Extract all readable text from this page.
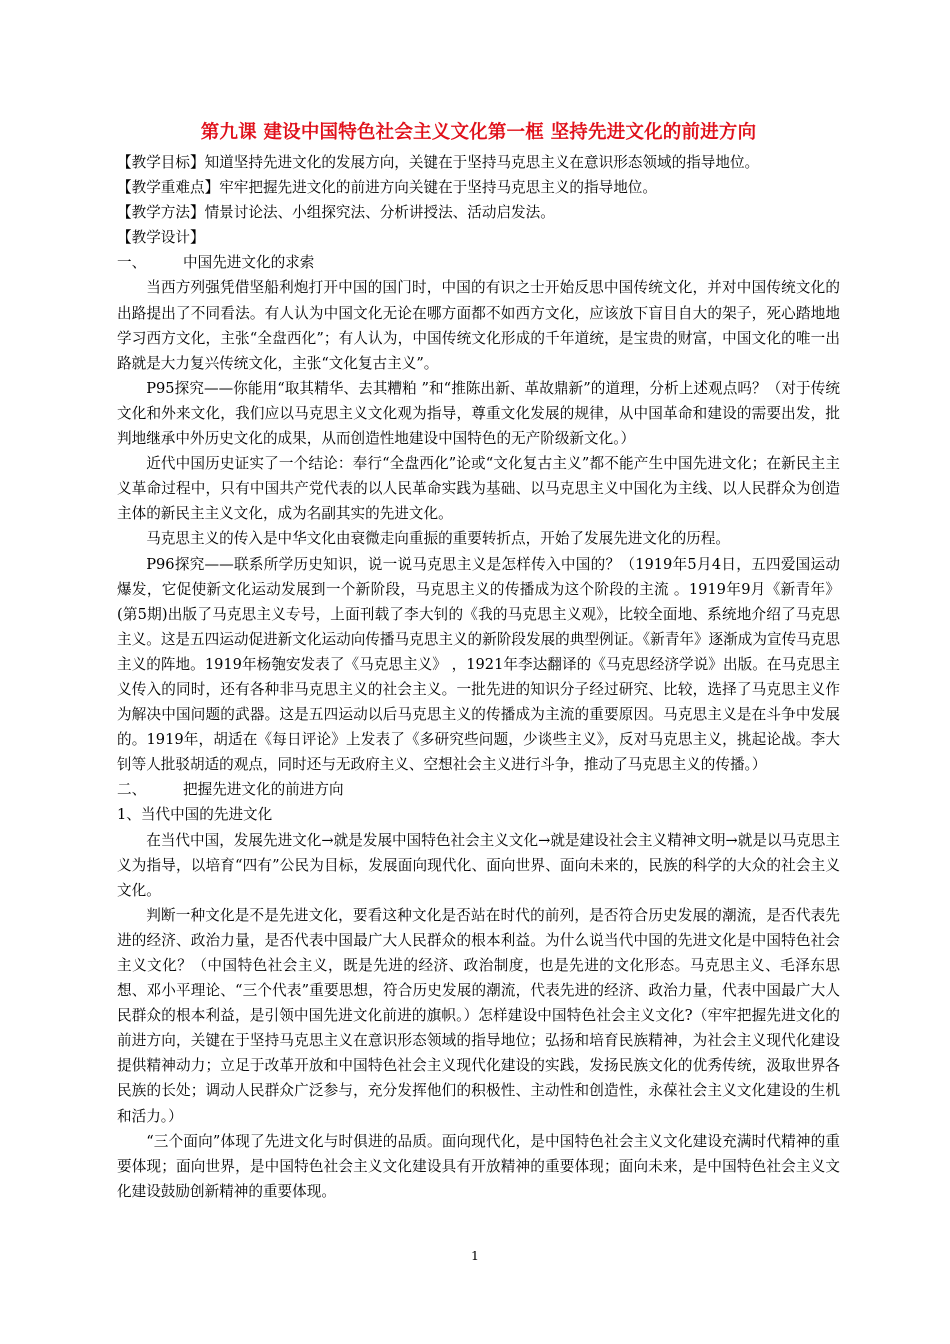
第九课 建设中国特色社会主义文化第一框 坚持先进文化的前进方向

【教学目标】知道坚持先进文化的发展方向，关键在于坚持马克思主义在意识形态领域的指导地位。

【教学重难点】牢牢把握先进文化的前进方向关键在于坚持马克思主义的指导地位。

【教学方法】情景讨论法、小组探究法、分析讲授法、活动启发法。

【教学设计】

一、	中国先进文化的求索

当西方列强凭借坚船利炮打开中国的国门时，中国的有识之士开始反思中国传统文化，并对中国传统文化的出路提出了不同看法。有人认为中国文化无论在哪方面都不如西方文化，应该放下盲目自大的架子，死心踏地地学习西方文化，主张“全盘西化”；有人认为，中国传统文化形成的千年道统，是宝贵的财富，中国文化的唯一出路就是大力复兴传统文化，主张“文化复古主义”。

P95探究——你能用“取其精华、去其糟粕 ”和“推陈出新、革故鼎新”的道理，分析上述观点吗？（对于传统文化和外来文化，我们应以马克思主义文化观为指导，尊重文化发展的规律，从中国革命和建设的需要出发，批判地继承中外历史文化的成果，从而创造性地建设中国特色的无产阶级新文化。）

近代中国历史证实了一个结论：奉行“全盘西化”论或“文化复古主义”都不能产生中国先进文化；在新民主主义革命过程中，只有中国共产党代表的以人民革命实践为基础、以马克思主义中国化为主线、以人民群众为创造主体的新民主主义文化，成为名副其实的先进文化。

马克思主义的传入是中华文化由衰微走向重振的重要转折点，开始了发展先进文化的历程。

P96探究——联系所学历史知识，说一说马克思主义是怎样传入中国的？（1919年5月4日，五四爱国运动爆发，它促使新文化运动发展到一个新阶段，马克思主义的传播成为这个阶段的主流 。1919年9月《新青年》(第5期)出版了马克思主义专号，上面刊载了李大钊的《我的马克思主义观》，比较全面地、系统地介绍了马克思主义。这是五四运动促进新文化运动向传播马克思主义的新阶段发展的典型例证。《新青年》逐渐成为宣传马克思主义的阵地。1919年杨匏安发表了《马克思主义》 ，1921年李达翻译的《马克思经济学说》出版。在马克思主义传入的同时，还有各种非马克思主义的社会主义。一批先进的知识分子经过研究、比较，选择了马克思主义作为解决中国问题的武器。这是五四运动以后马克思主义的传播成为主流的重要原因。马克思主义是在斗争中发展的。1919年，胡适在《每日评论》上发表了《多研究些问题，少谈些主义》，反对马克思主义，挑起论战。李大钊等人批驳胡适的观点，同时还与无政府主义、空想社会主义进行斗争，推动了马克思主义的传播。）

二、	把握先进文化的前进方向

1、当代中国的先进文化

在当代中国，发展先进文化→就是发展中国特色社会主义文化→就是建设社会主义精神文明→就是以马克思主义为指导，以培育“四有”公民为目标，发展面向现代化、面向世界、面向未来的，民族的科学的大众的社会主义文化。

判断一种文化是不是先进文化，要看这种文化是否站在时代的前列，是否符合历史发展的潮流，是否代表先进的经济、政治力量，是否代表中国最广大人民群众的根本利益。为什么说当代中国的先进文化是中国特色社会主义文化？（中国特色社会主义，既是先进的经济、政治制度，也是先进的文化形态。马克思主义、毛泽东思想、邓小平理论、“三个代表”重要思想，符合历史发展的潮流，代表先进的经济、政治力量，代表中国最广大人民群众的根本利益，是引领中国先进文化前进的旗帜。）怎样建设中国特色社会主义文化?（牢牢把握先进文化的前进方向，关键在于坚持马克思主义在意识形态领域的指导地位；弘扬和培育民族精神，为社会主义现代化建设提供精神动力；立足于改革开放和中国特色社会主义现代化建设的实践，发扬民族文化的优秀传统，汲取世界各民族的长处；调动人民群众广泛参与，充分发挥他们的积极性、主动性和创造性，永葆社会主义文化建设的生机和活力。）

“三个面向”体现了先进文化与时俱进的品质。面向现代化，是中国特色社会主义文化建设充满时代精神的重要体现；面向世界，是中国特色社会主义文化建设具有开放精神的重要体现；面向未来，是中国特色社会主义文化建设鼓励创新精神的重要体现。

1
